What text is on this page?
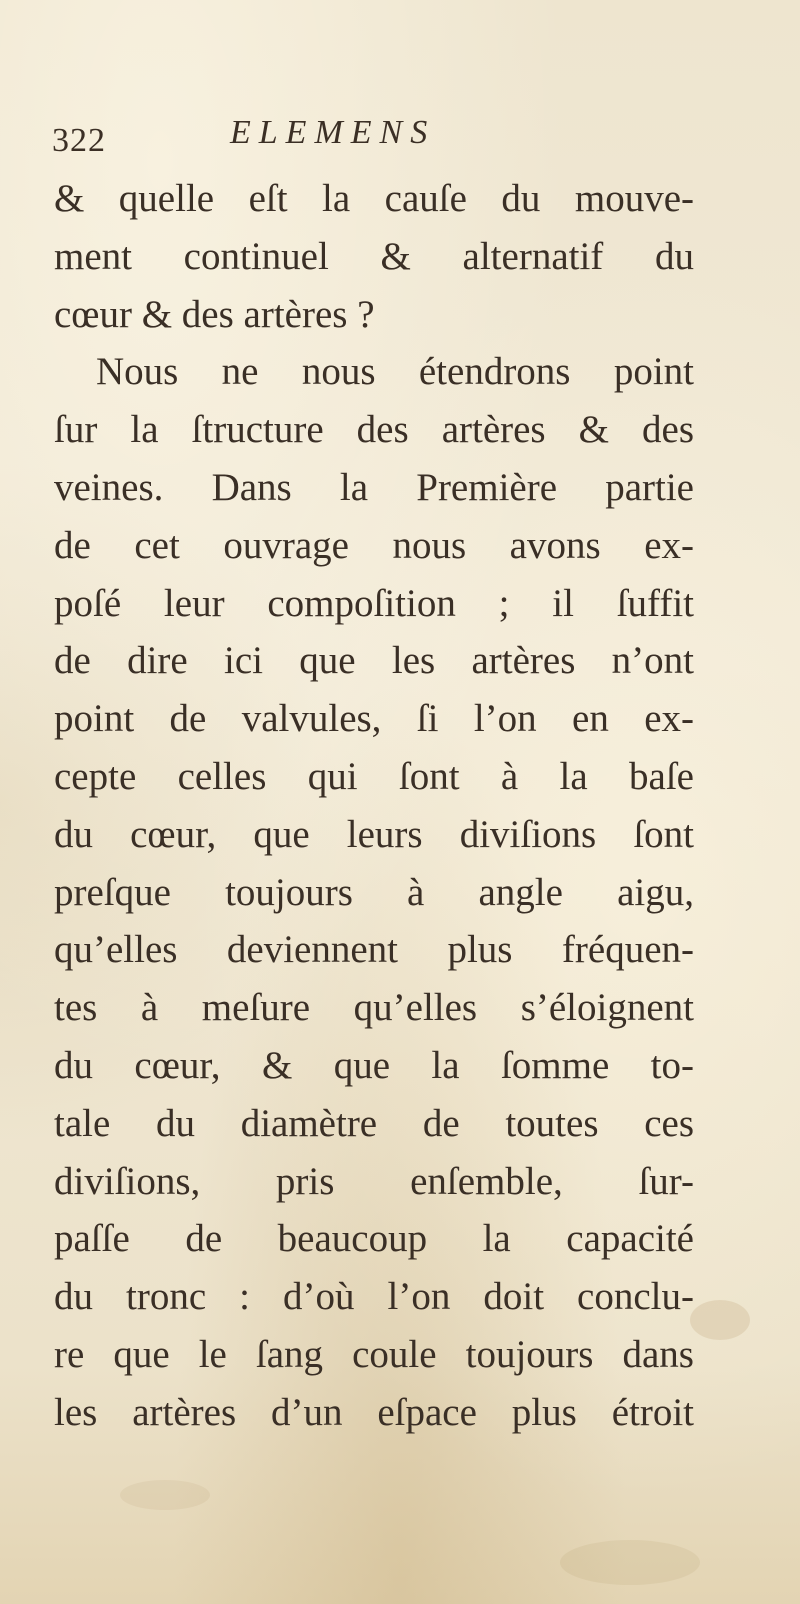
322	ELEMENS
& quelle eſt la cauſe du mouve-
ment continuel & alternatif du
cœur & des artères ?
Nous ne nous étendrons point
ſur la ſtructure des artères & des
veines. Dans la Première partie
de cet ouvrage nous avons ex-
poſé leur compoſition ; il ſuffit
de dire ici que les artères n’ont
point de valvules, ſi l’on en ex-
cepte celles qui ſont à la baſe
du cœur, que leurs diviſions ſont
preſque toujours à angle aigu,
qu’elles deviennent plus fréquen-
tes à meſure qu’elles s’éloignent
du cœur, & que la ſomme to-
tale du diamètre de toutes ces
diviſions, pris enſemble, ſur-
paſſe de beaucoup la capacité
du tronc : d’où l’on doit conclu-
re que le ſang coule toujours dans
les artères d’un eſpace plus étroit
